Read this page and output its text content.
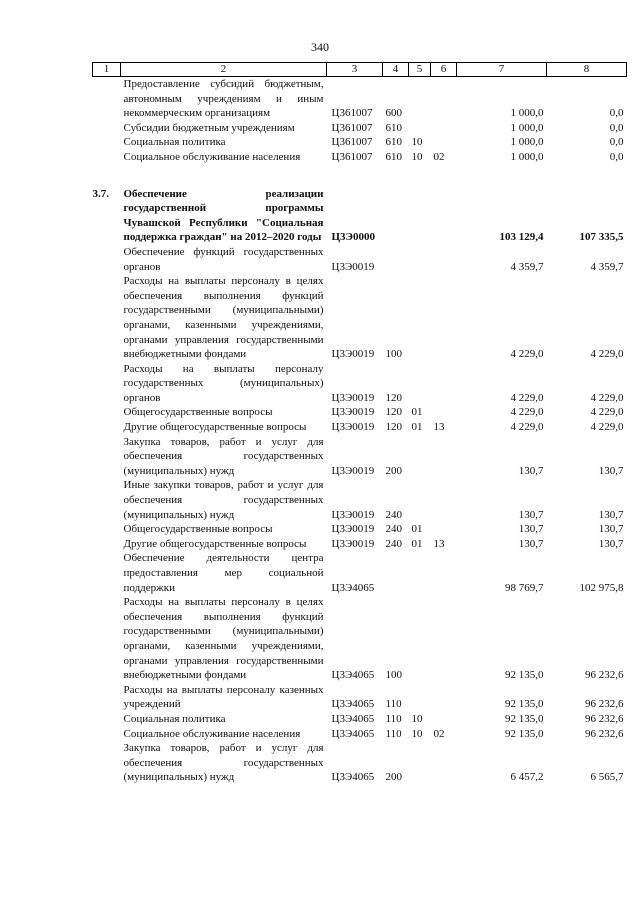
340
1	2	3	4	5	6	7	8
	Предоставление субсидий бюджетным, автономным учреждениям и иным некоммерческим организациям	Ц361007	600			1 000,0	0,0
	Субсидии бюджетным учреждениям	Ц361007	610			1 000,0	0,0
	Социальная политика	Ц361007	610	10		1 000,0	0,0
	Социальное обслуживание населения	Ц361007	610	10	02	1 000,0	0,0

3.7.	Обеспечение реализации государственной программы Чувашской Республики "Социальная поддержка граждан" на 2012–2020 годы	Ц3Э0000				103 129,4	107 335,5
	Обеспечение функций государственных органов	Ц3Э0019				4 359,7	4 359,7
	Расходы на выплаты персоналу в целях обеспечения выполнения функций государственными (муниципальными) органами, казенными учреждениями, органами управления государственными внебюджетными фондами	Ц3Э0019	100			4 229,0	4 229,0
	Расходы на выплаты персоналу государственных (муниципальных) органов	Ц3Э0019	120			4 229,0	4 229,0
	Общегосударственные вопросы	Ц3Э0019	120	01		4 229,0	4 229,0
	Другие общегосударственные вопросы	Ц3Э0019	120	01	13	4 229,0	4 229,0
	Закупка товаров, работ и услуг для обеспечения государственных (муниципальных) нужд	Ц3Э0019	200			130,7	130,7
	Иные закупки товаров, работ и услуг для обеспечения государственных (муниципальных) нужд	Ц3Э0019	240			130,7	130,7
	Общегосударственные вопросы	Ц3Э0019	240	01		130,7	130,7
	Другие общегосударственные вопросы	Ц3Э0019	240	01	13	130,7	130,7
	Обеспечение деятельности центра предоставления мер социальной поддержки	Ц3Э4065				98 769,7	102 975,8
	Расходы на выплаты персоналу в целях обеспечения выполнения функций государственными (муниципальными) органами, казенными учреждениями, органами управления государственными внебюджетными фондами	Ц3Э4065	100			92 135,0	96 232,6
	Расходы на выплаты персоналу казенных учреждений	Ц3Э4065	110			92 135,0	96 232,6
	Социальная политика	Ц3Э4065	110	10		92 135,0	96 232,6
	Социальное обслуживание населения	Ц3Э4065	110	10	02	92 135,0	96 232,6
	Закупка товаров, работ и услуг для обеспечения государственных (муниципальных) нужд	Ц3Э4065	200			6 457,2	6 565,7
